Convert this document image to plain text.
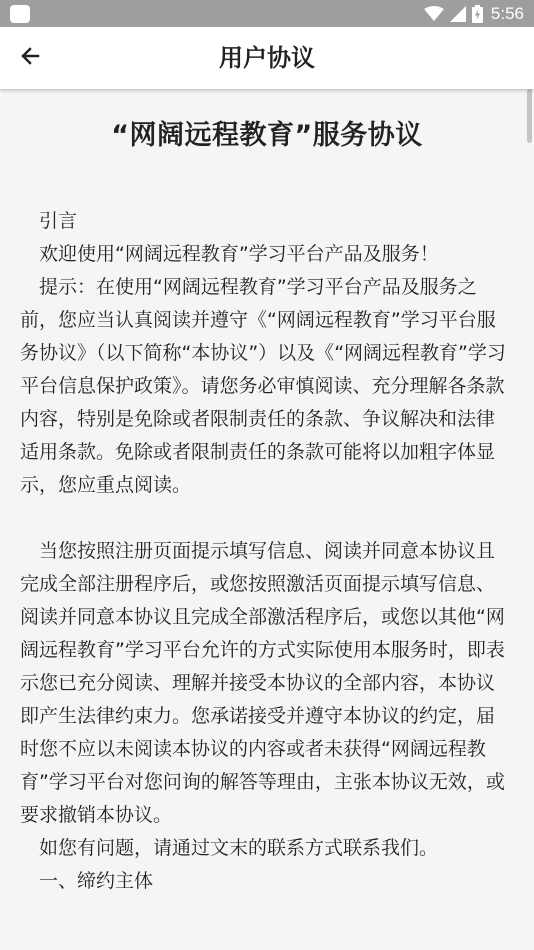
5:56
用户协议
“网阔远程教育”服务协议

引言

欢迎使用“网阔远程教育”学习平台产品及服务！

提示：在使用“网阔远程教育”学习平台产品及服务之前，您应当认真阅读并遵守《“网阔远程教育”学习平台服务协议》（以下简称“本协议”）以及《“网阔远程教育”学习平台信息保护政策》。请您务必审慎阅读、充分理解各条款内容，特别是免除或者限制责任的条款、争议解决和法律适用条款。免除或者限制责任的条款可能将以加粗字体显示，您应重点阅读。

当您按照注册页面提示填写信息、阅读并同意本协议且完成全部注册程序后，或您按照激活页面提示填写信息、阅读并同意本协议且完成全部激活程序后，或您以其他“网阔远程教育”学习平台允许的方式实际使用本服务时，即表示您已充分阅读、理解并接受本协议的全部内容，本协议即产生法律约束力。您承诺接受并遵守本协议的约定，届时您不应以未阅读本协议的内容或者未获得“网阔远程教育”学习平台对您问询的解答等理由，主张本协议无效，或要求撤销本协议。

如您有问题，请通过文末的联系方式联系我们。

一、缔约主体
